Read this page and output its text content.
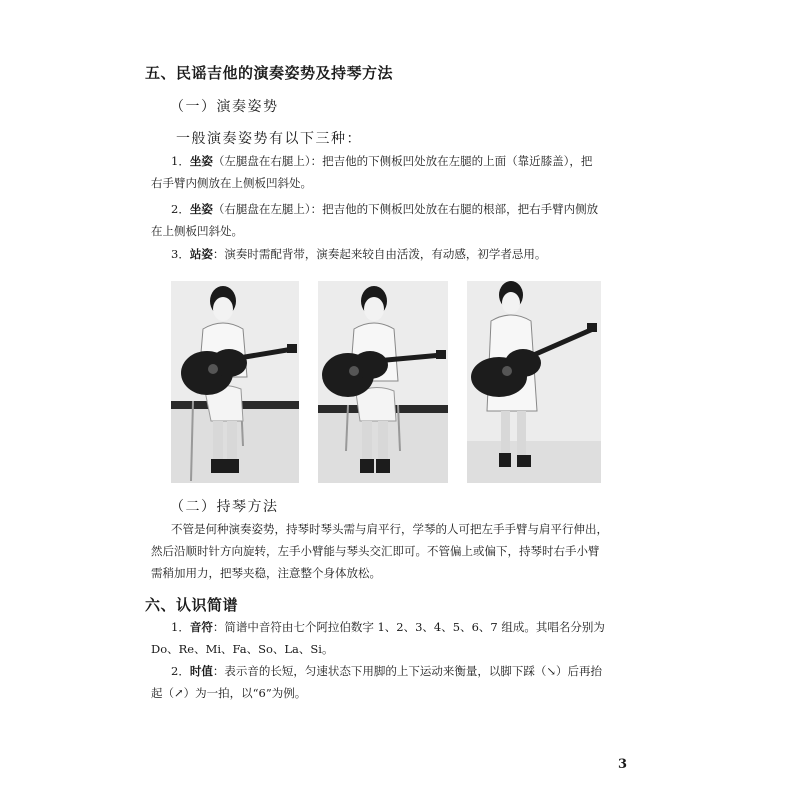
五、民谣吉他的演奏姿势及持琴方法
（一）演奏姿势
一般演奏姿势有以下三种：
1．坐姿（左腿盘在右腿上）：把吉他的下侧板凹处放在左腿的上面（靠近膝盖），把
右手臂内侧放在上侧板凹斜处。
2．坐姿（右腿盘在左腿上）：把吉他的下侧板凹处放在右腿的根部，把右手臂内侧放
在上侧板凹斜处。
3．站姿：演奏时需配背带，演奏起来较自由活泼，有动感，初学者忌用。
（二）持琴方法
不管是何种演奏姿势，持琴时琴头需与肩平行，学琴的人可把左手手臂与肩平行伸出，
然后沿顺时针方向旋转，左手小臂能与琴头交汇即可。不管偏上或偏下，持琴时右手小臂
需稍加用力，把琴夹稳，注意整个身体放松。
六、认识简谱
1．音符：简谱中音符由七个阿拉伯数字 1、2、3、4、5、6、7 组成。其唱名分别为
Do、Re、Mi、Fa、So、La、Si。
2．时值：表示音的长短，匀速状态下用脚的上下运动来衡量，以脚下踩（↘）后再抬
起（↗）为一拍，以“6”为例。
3
